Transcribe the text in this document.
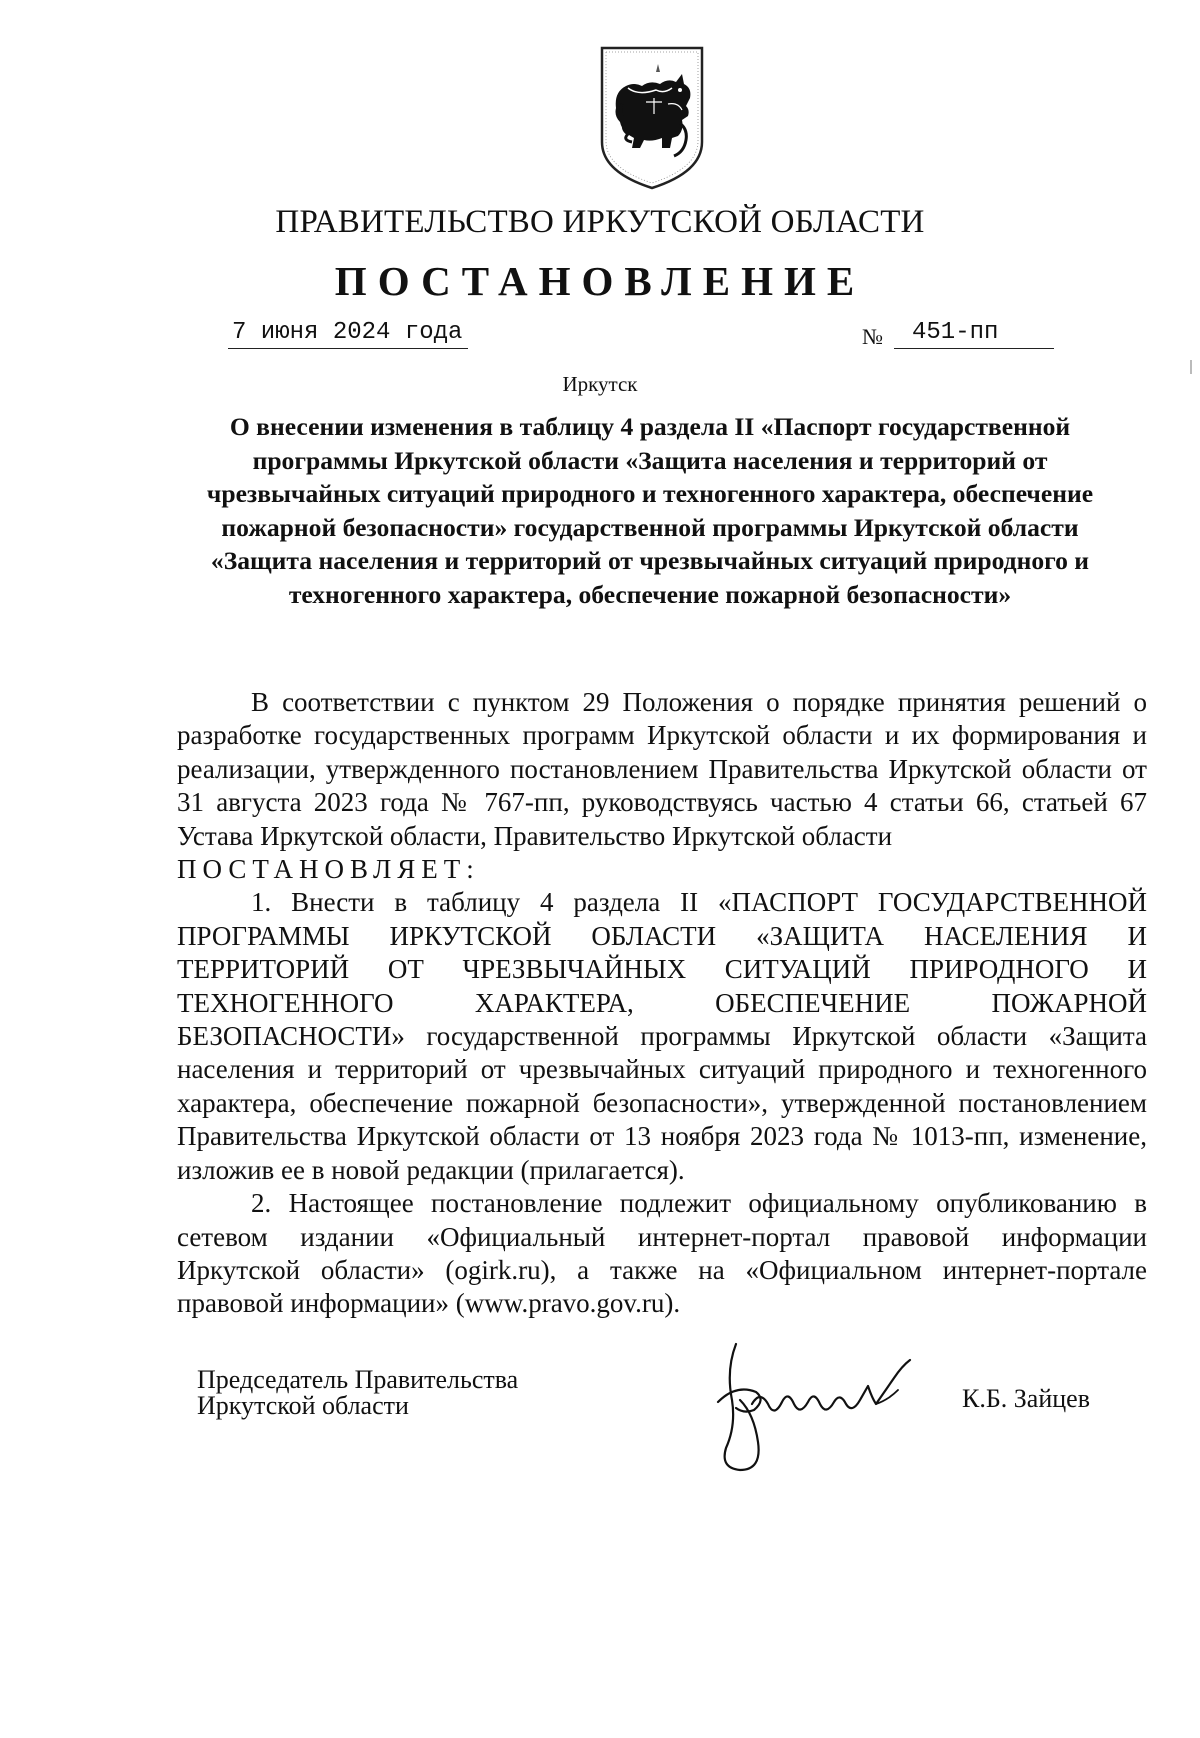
ПРАВИТЕЛЬСТВО ИРКУТСКОЙ ОБЛАСТИ
ПОСТАНОВЛЕНИЕ
7 июня 2024 года	№	451-пп
Иркутск
О внесении изменения в таблицу 4 раздела II «Паспорт государственной программы Иркутской области «Защита населения и территорий от чрезвычайных ситуаций природного и техногенного характера, обеспечение пожарной безопасности» государственной программы Иркутской области «Защита населения и территорий от чрезвычайных ситуаций природного и техногенного характера, обеспечение пожарной безопасности»

В соответствии с пунктом 29 Положения о порядке принятия решений о разработке государственных программ Иркутской области и их формирования и реализации, утвержденного постановлением Правительства Иркутской области от 31 августа 2023 года № 767-пп, руководствуясь частью 4 статьи 66, статьей 67 Устава Иркутской области, Правительство Иркутской области

ПОСТАНОВЛЯЕТ:

1. Внести в таблицу 4 раздела II «ПАСПОРТ ГОСУДАРСТВЕННОЙ ПРОГРАММЫ ИРКУТСКОЙ ОБЛАСТИ «ЗАЩИТА НАСЕЛЕНИЯ И ТЕРРИТОРИЙ ОТ ЧРЕЗВЫЧАЙНЫХ СИТУАЦИЙ ПРИРОДНОГО И ТЕХНОГЕННОГО ХАРАКТЕРА, ОБЕСПЕЧЕНИЕ ПОЖАРНОЙ БЕЗОПАСНОСТИ» государственной программы Иркутской области «Защита населения и территорий от чрезвычайных ситуаций природного и техногенного характера, обеспечение пожарной безопасности», утвержденной постановлением Правительства Иркутской области от 13 ноября 2023 года № 1013-пп, изменение, изложив ее в новой редакции (прилагается).

2. Настоящее постановление подлежит официальному опубликованию в сетевом издании «Официальный интернет-портал правовой информации Иркутской области» (ogirk.ru), а также на «Официальном интернет-портале правовой информации» (www.pravo.gov.ru).

Председатель Правительства
Иркутской области	К.Б. Зайцев
